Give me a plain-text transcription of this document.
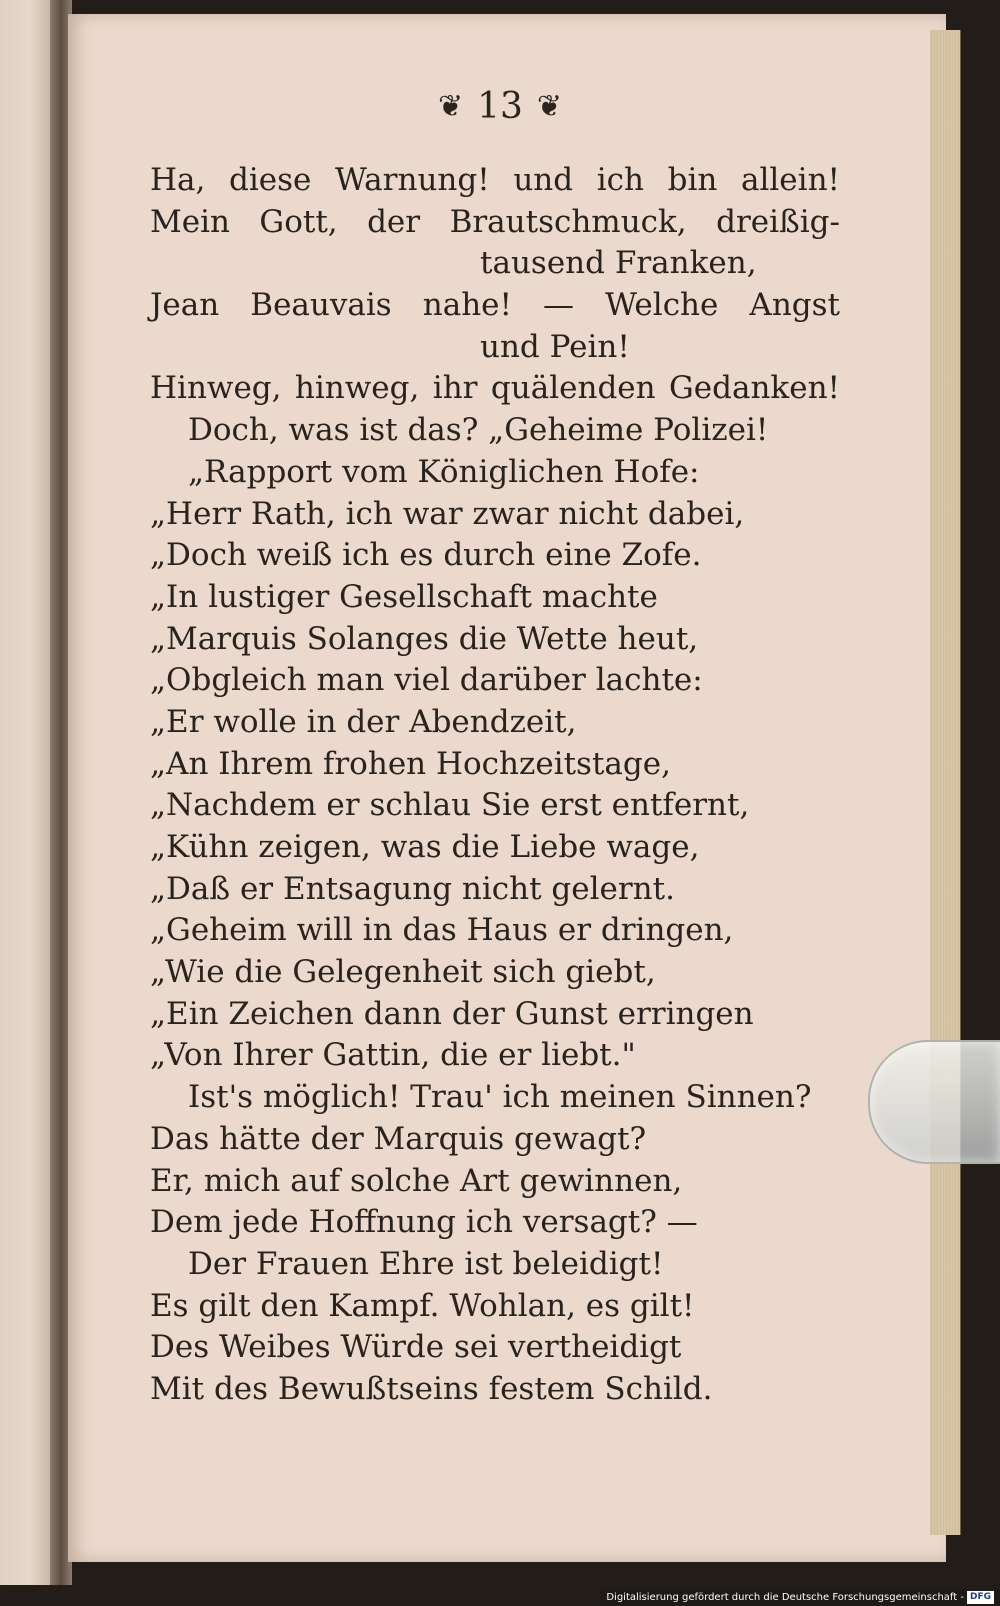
❦ 13 ❦
Ha, diese Warnung! und ich bin allein!
Mein Gott, der Brautschmuck, dreißig-
tausend Franken,
Jean Beauvais nahe! — Welche Angst
und Pein!
Hinweg, hinweg, ihr quälenden Gedanken!
Doch, was ist das? „Geheime Polizei!
„Rapport vom Königlichen Hofe:
„Herr Rath, ich war zwar nicht dabei,
„Doch weiß ich es durch eine Zofe.
„In lustiger Gesellschaft machte
„Marquis Solanges die Wette heut,
„Obgleich man viel darüber lachte:
„Er wolle in der Abendzeit,
„An Ihrem frohen Hochzeitstage,
„Nachdem er schlau Sie erst entfernt,
„Kühn zeigen, was die Liebe wage,
„Daß er Entsagung nicht gelernt.
„Geheim will in das Haus er dringen,
„Wie die Gelegenheit sich giebt,
„Ein Zeichen dann der Gunst erringen
„Von Ihrer Gattin, die er liebt."
Ist's möglich! Trau' ich meinen Sinnen?
Das hätte der Marquis gewagt?
Er, mich auf solche Art gewinnen,
Dem jede Hoffnung ich versagt? —
Der Frauen Ehre ist beleidigt!
Es gilt den Kampf. Wohlan, es gilt!
Des Weibes Würde sei vertheidigt
Mit des Bewußtseins festem Schild.
Digitalisierung gefördert durch die Deutsche Forschungsgemeinschaft - DFG
